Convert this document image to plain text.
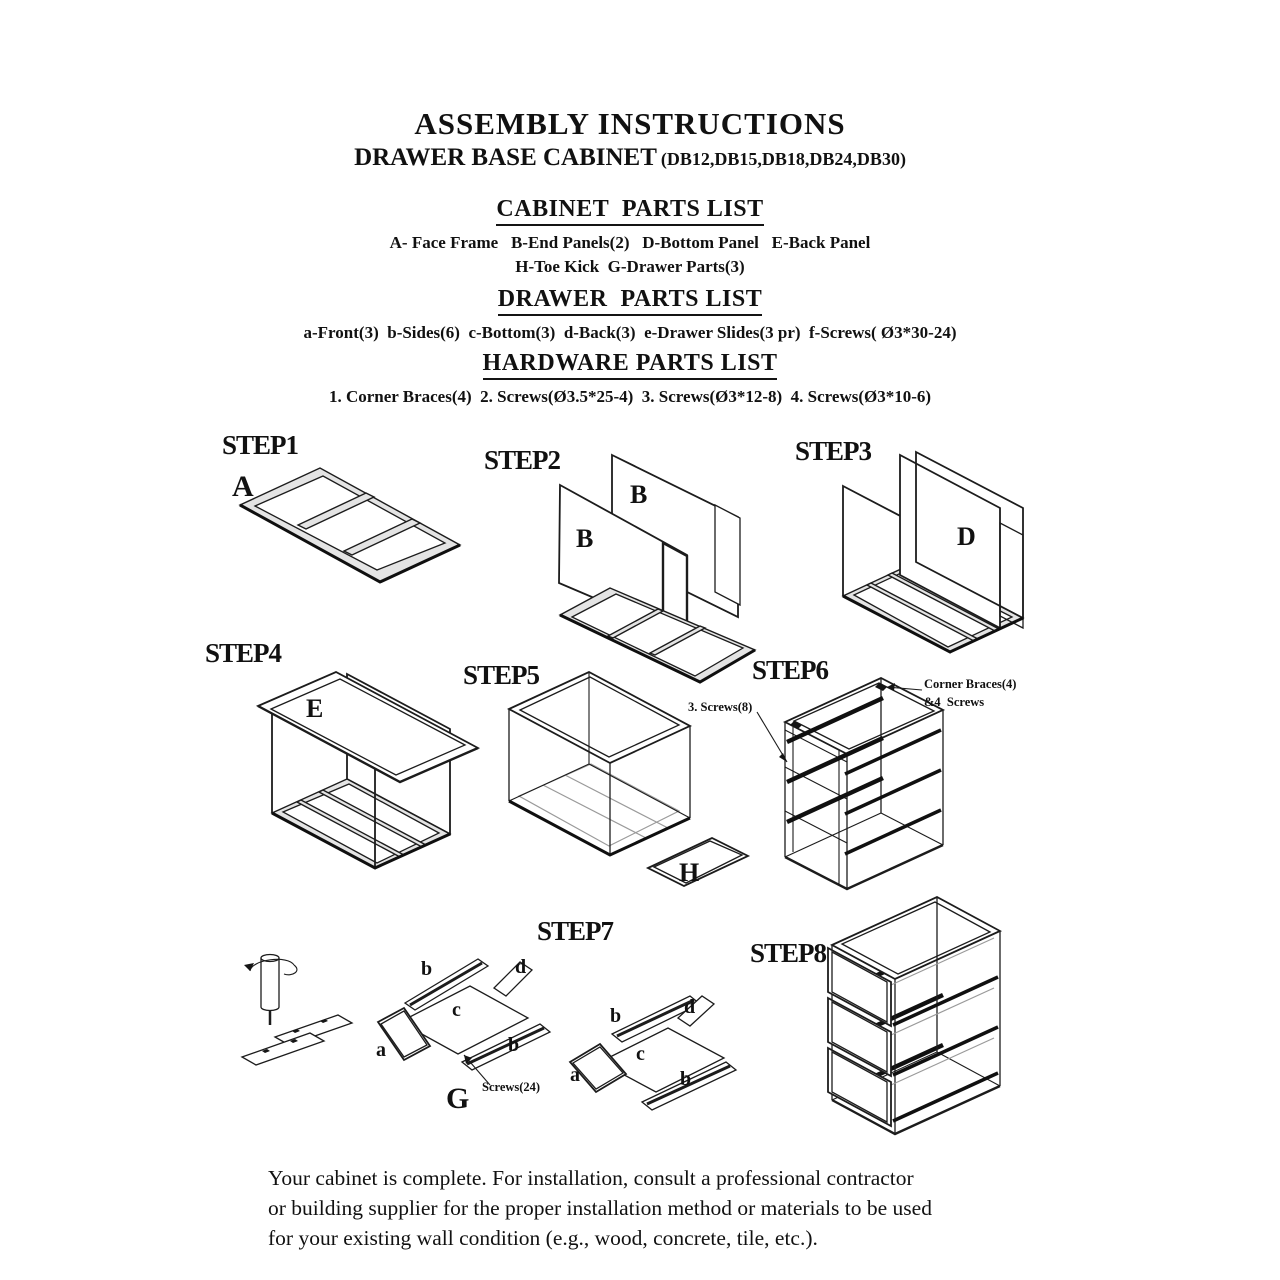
ASSEMBLY INSTRUCTIONS
DRAWER BASE CABINET (DB12,DB15,DB18,DB24,DB30)
CABINET  PARTS LIST
A- Face Frame   B-End Panels(2)   D-Bottom Panel   E-Back Panel
H-Toe Kick  G-Drawer Parts(3)
DRAWER  PARTS LIST
a-Front(3)  b-Sides(6)  c-Bottom(3)  d-Back(3)  e-Drawer Slides(3 pr)  f-Screws( Ø3*30-24)
HARDWARE PARTS LIST
1. Corner Braces(4)  2. Screws(Ø3.5*25-4)  3. Screws(Ø3*12-8)  4. Screws(Ø3*10-6)
STEP1
A
STEP2
B
B
STEP3
D
STEP4
E
STEP5
H
STEP6
3. Screws(8)
Corner Braces(4)
&4  Screws
STEP7
b	d
c
a	b
b	d
c
a	b
Screws(24)
G
STEP8
Your cabinet is complete. For installation, consult a professional contractor
or building supplier for the proper installation method or materials to be used
for your existing wall condition (e.g., wood, concrete, tile, etc.).
